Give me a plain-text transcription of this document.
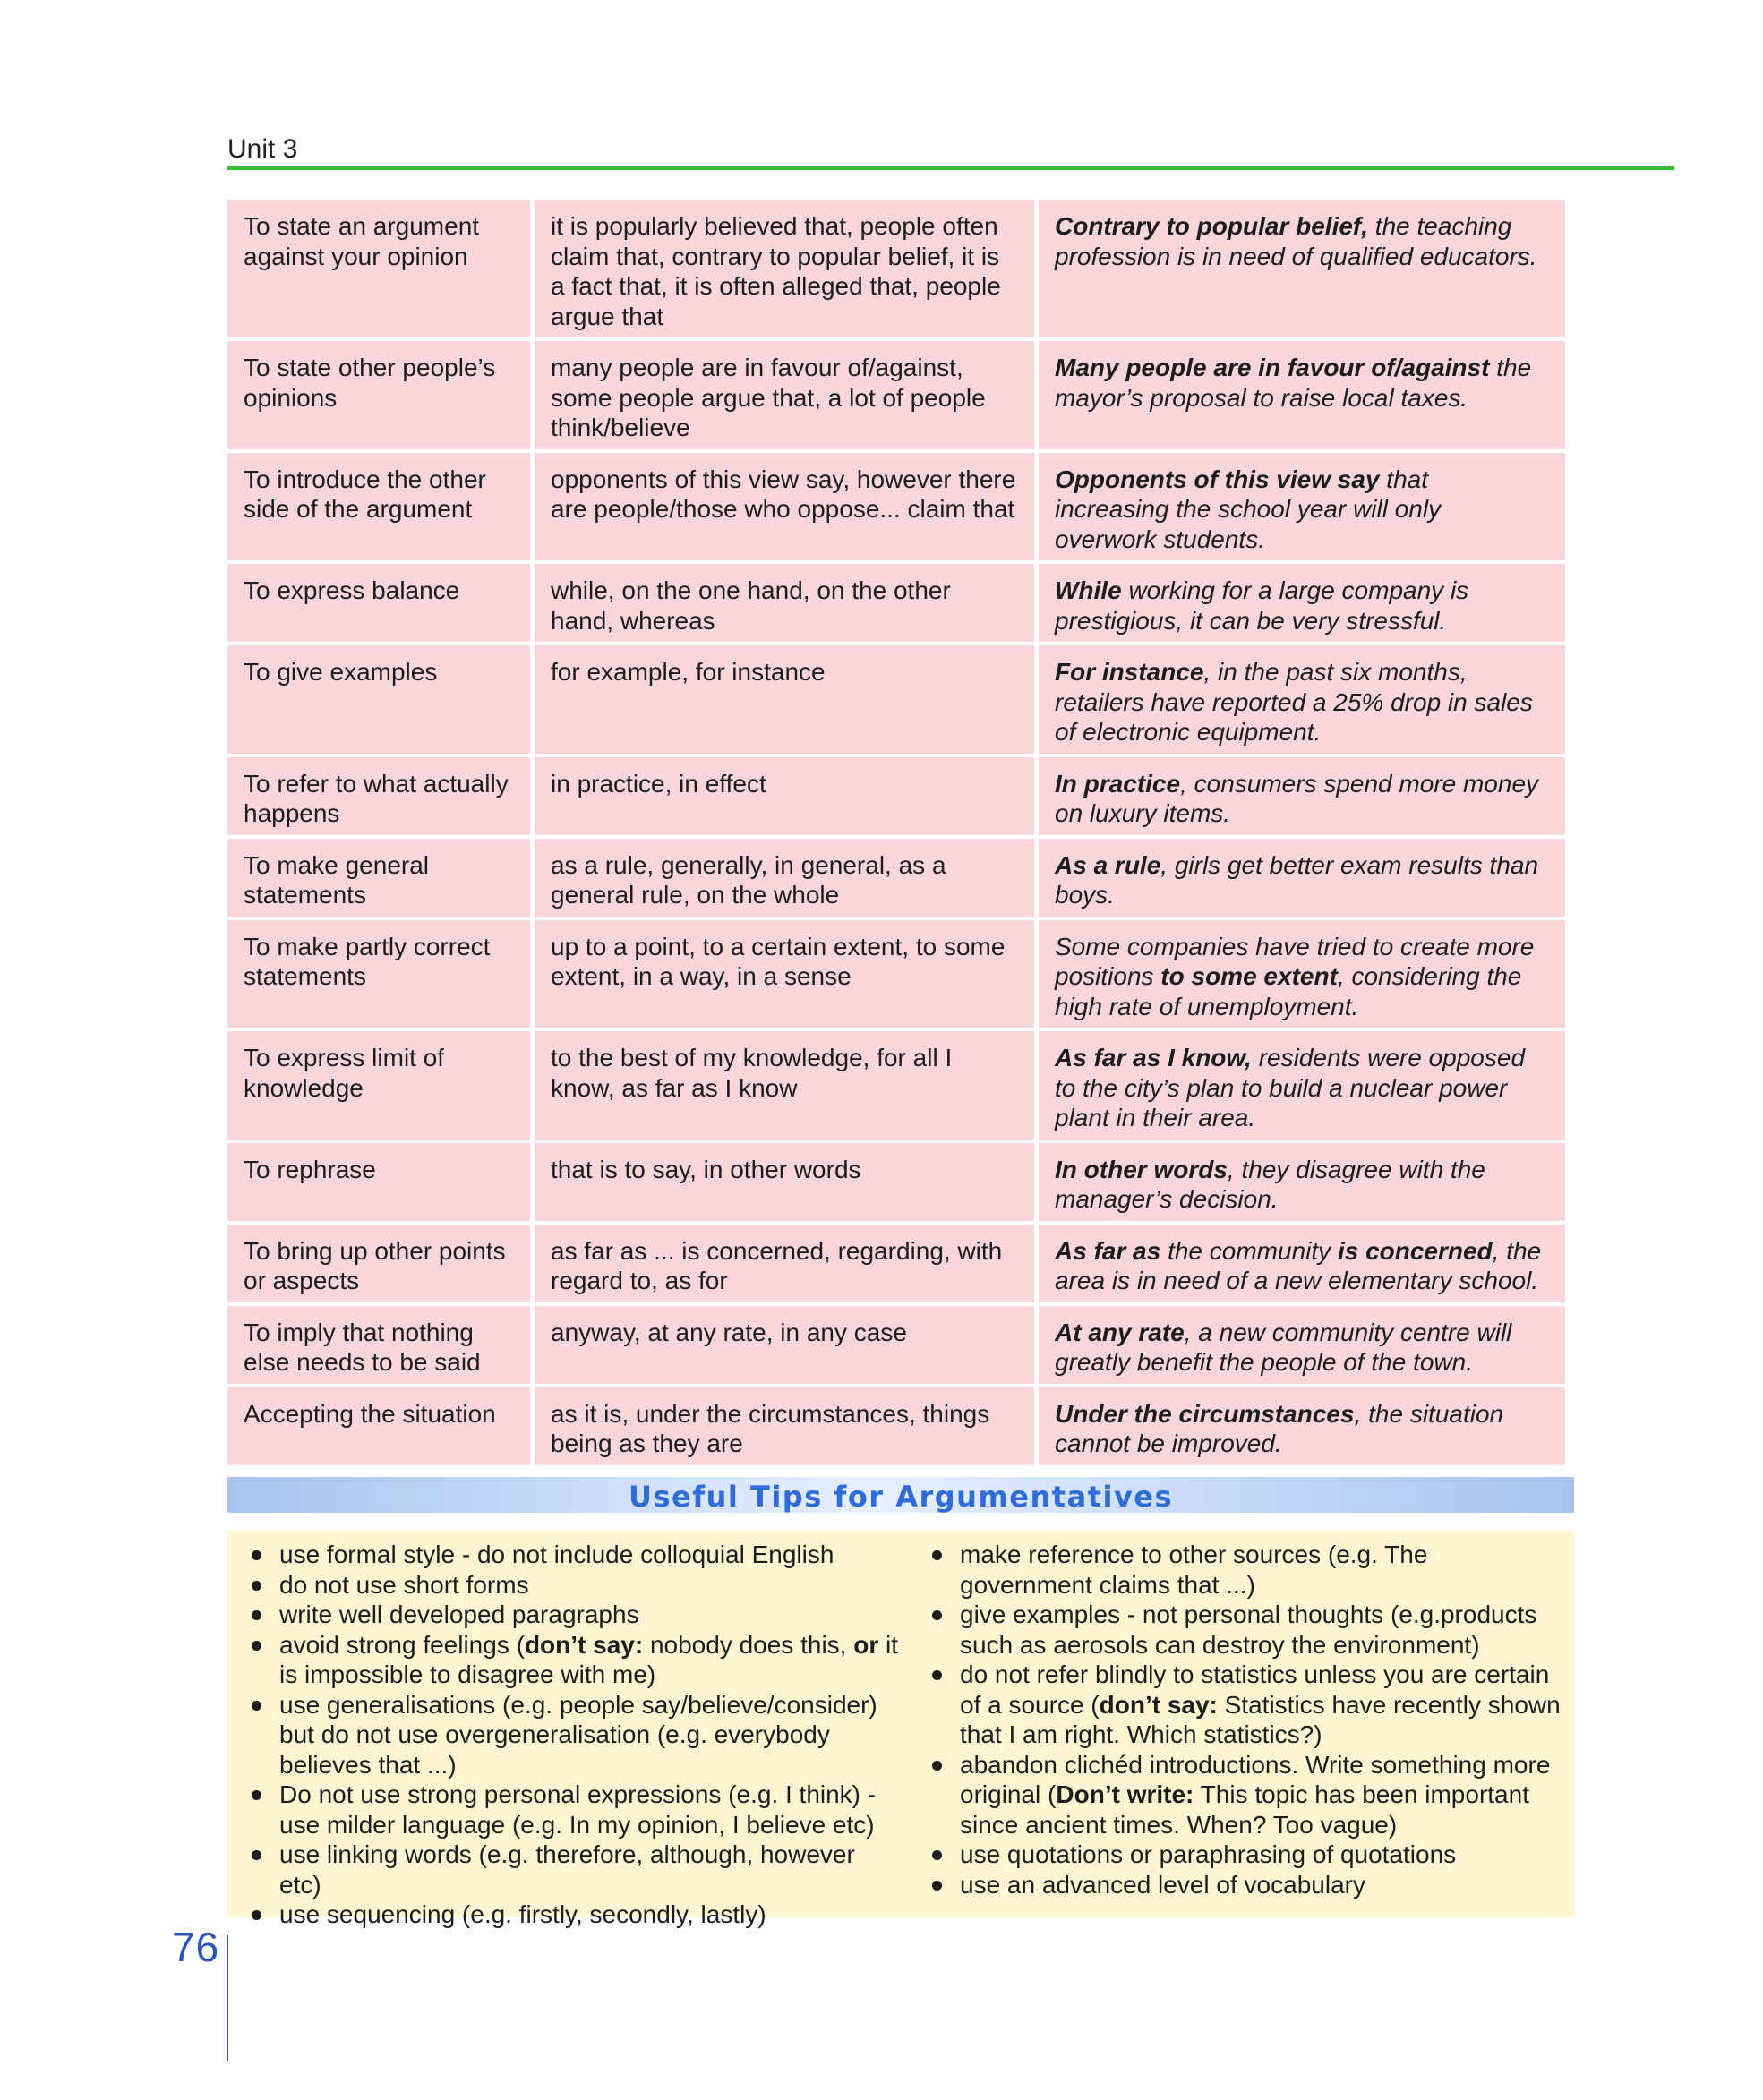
Unit 3
To state an argument against your opinion	it is popularly believed that, people often claim that, contrary to popular belief, it is a fact that, it is often alleged that, people argue that	Contrary to popular belief, the teaching profession is in need of qualified educators.
To state other people’s opinions	many people are in favour of/against, some people argue that, a lot of people think/believe	Many people are in favour of/against the mayor’s proposal to raise local taxes.
To introduce the other side of the argument	opponents of this view say, however there are people/those who oppose... claim that	Opponents of this view say that increasing the school year will only overwork students.
To express balance	while, on the one hand, on the other hand, whereas	While working for a large company is prestigious, it can be very stressful.
To give examples	for example, for instance	For instance, in the past six months, retailers have reported a 25% drop in sales of electronic equipment.
To refer to what actually happens	in practice, in effect	In practice, consumers spend more money on luxury items.
To make general statements	as a rule, generally, in general, as a general rule, on the whole	As a rule, girls get better exam results than boys.
To make partly correct statements	up to a point, to a certain extent, to some extent, in a way, in a sense	Some companies have tried to create more positions to some extent, considering the high rate of unemployment.
To express limit of knowledge	to the best of my knowledge, for all I know, as far as I know	As far as I know, residents were opposed to the city’s plan to build a nuclear power plant in their area.
To rephrase	that is to say, in other words	In other words, they disagree with the manager’s decision.
To bring up other points or aspects	as far as ... is concerned, regarding, with regard to, as for	As far as the community is concerned, the area is in need of a new elementary school.
To imply that nothing else needs to be said	anyway, at any rate, in any case	At any rate, a new community centre will greatly benefit the people of the town.
Accepting the situation	as it is, under the circumstances, things being as they are	Under the circumstances, the situation cannot be improved.
Useful Tips for Argumentatives
use formal style - do not include colloquial English
do not use short forms
write well developed paragraphs
avoid strong feelings (don’t say: nobody does this, or it is impossible to disagree with me)
use generalisations (e.g. people say/believe/consider) but do not use overgeneralisation (e.g. everybody believes that ...)
Do not use strong personal expressions (e.g. I think) - use milder language (e.g. In my opinion, I believe etc)
use linking words (e.g. therefore, although, however etc)
use sequencing (e.g. firstly, secondly, lastly)
make reference to other sources (e.g. The government claims that ...)
give examples - not personal thoughts (e.g.products such as aerosols can destroy the environment)
do not refer blindly to statistics unless you are certain of a source (don’t say: Statistics have recently shown that I am right. Which statistics?)
abandon clichéd introductions. Write something more original (Don’t write: This topic has been important since ancient times. When? Too vague)
use quotations or paraphrasing of quotations
use an advanced level of vocabulary
76
